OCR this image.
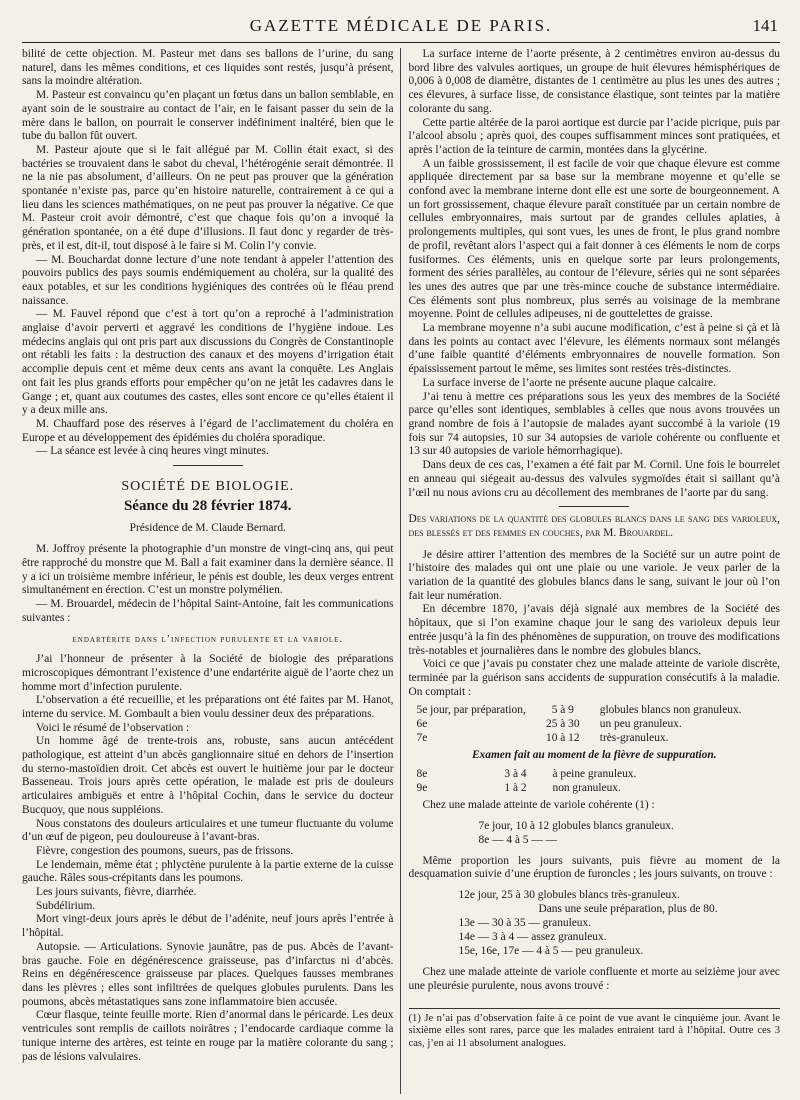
GAZETTE MÉDICALE DE PARIS.	141

bilité de cette objection. M. Pasteur met dans ses ballons de l’urine, du sang naturel, dans les mêmes conditions, et ces liquides sont restés, jusqu’à présent, sans la moindre altération.

M. Pasteur est convaincu qu’en plaçant un fœtus dans un ballon semblable, en ayant soin de le soustraire au contact de l’air, en le faisant passer du sein de la mère dans le ballon, on pourrait le conserver indéfiniment inaltéré, bien que le tube du ballon fût ouvert.

M. Pasteur ajoute que si le fait allégué par M. Collin était exact, si des bactéries se trouvaient dans le sabot du cheval, l’hétérogénie serait démontrée. Il ne la nie pas absolument, d’ailleurs. On ne peut pas prouver que la génération spontanée n’existe pas, parce qu’en histoire naturelle, contrairement à ce qui a lieu dans les sciences mathématiques, on ne peut pas prouver la négative. Ce que M. Pasteur croit avoir démontré, c’est que chaque fois qu’on a invoqué la génération spontanée, on a été dupe d’illusions. Il faut donc y regarder de très-près, et il est, dit-il, tout disposé à le faire si M. Colin l’y convie.

— M. Bouchardat donne lecture d’une note tendant à appeler l’attention des pouvoirs publics des pays soumis endémiquement au choléra, sur la qualité des eaux potables, et sur les conditions hygiéniques des contrées où le fléau prend naissance.

— M. Fauvel répond que c’est à tort qu’on a reproché à l’administration anglaise d’avoir perverti et aggravé les conditions de l’hygiène indoue. Les médecins anglais qui ont pris part aux discussions du Congrès de Constantinople ont rétabli les faits : la destruction des canaux et des moyens d’irrigation était accomplie depuis cent et même deux cents ans avant la conquête. Les Anglais ont fait les plus grands efforts pour empêcher qu’on ne jetât les cadavres dans le Gange ; et, quant aux coutumes des castes, elles sont encore ce qu’elles étaient il y a deux mille ans.

M. Chauffard pose des réserves à l’égard de l’acclimatement du choléra en Europe et au développement des épidémies du choléra sporadique.

— La séance est levée à cinq heures vingt minutes.

SOCIÉTÉ DE BIOLOGIE.
Séance du 28 février 1874.
Présidence de M. Claude Bernard.

M. Joffroy présente la photographie d’un monstre de vingt-cinq ans, qui peut être rapproché du monstre que M. Ball a fait examiner dans la dernière séance. Il y a ici un troisième membre inférieur, le pénis est double, les deux verges entrent simultanément en érection. C’est un monstre polymélien.

— M. Brouardel, médecin de l’hôpital Saint-Antoine, fait les communications suivantes :

endartérite dans l’infection purulente et la variole.

J’ai l’honneur de présenter à la Société de biologie des préparations microscopiques démontrant l’existence d’une endartérite aiguë de l’aorte chez un homme mort d’infection purulente.

L’observation a été recueillie, et les préparations ont été faites par M. Hanot, interne du service. M. Gombault a bien voulu dessiner deux des préparations.

Voici le résumé de l’observation :

Un homme âgé de trente-trois ans, robuste, sans aucun antécédent pathologique, est atteint d’un abcès ganglionnaire situé en dehors de l’insertion du sterno-mastoïdien droit. Cet abcès est ouvert le huitième jour par le docteur Basseneau. Trois jours après cette opération, le malade est pris de douleurs articulaires ambiguës et entre à l’hôpital Cochin, dans le service du docteur Bucquoy, que nous suppléions.

Nous constatons des douleurs articulaires et une tumeur fluctuante du volume d’un œuf de pigeon, peu douloureuse à l’avant-bras.

Fièvre, congestion des poumons, sueurs, pas de frissons.

Le lendemain, même état ; phlyctène purulente à la partie externe de la cuisse gauche. Râles sous-crépitants dans les poumons.

Les jours suivants, fièvre, diarrhée.

Subdélirium.

Mort vingt-deux jours après le début de l’adénite, neuf jours après l’entrée à l’hôpital.

Autopsie. — Articulations. Synovie jaunâtre, pas de pus. Abcès de l’avant-bras gauche. Foie en dégénérescence graisseuse, pas d’infarctus ni d’abcès. Reins en dégénérescence graisseuse par places. Quelques fausses membranes dans les plèvres ; elles sont infiltrées de quelques globules purulents. Dans les poumons, abcès métastatiques sans zone inflammatoire bien accusée.

Cœur flasque, teinte feuille morte. Rien d’anormal dans le péricarde. Les deux ventricules sont remplis de caillots noirâtres ; l’endocarde cardiaque comme la tunique interne des artères, est teinte en rouge par la matière colorante du sang ; pas de lésions valvulaires.

La surface interne de l’aorte présente, à 2 centimètres environ au-dessus du bord libre des valvules aortiques, un groupe de huit élevures hémisphériques de 0,006 à 0,008 de diamètre, distantes de 1 centimètre au plus les unes des autres ; ces élevures, à surface lisse, de consistance élastique, sont teintes par la matière colorante du sang.

Cette partie altérée de la paroi aortique est durcie par l’acide picrique, puis par l’alcool absolu ; après quoi, des coupes suffisamment minces sont pratiquées, et après l’action de la teinture de carmin, montées dans la glycérine.

A un faible grossissement, il est facile de voir que chaque élevure est comme appliquée directement par sa base sur la membrane moyenne et qu’elle se confond avec la membrane interne dont elle est une sorte de bourgeonnement. A un fort grossissement, chaque élevure paraît constituée par un certain nombre de cellules embryonnaires, mais surtout par de grandes cellules aplaties, à prolongements multiples, qui sont vues, les unes de front, le plus grand nombre de profil, revêtant alors l’aspect qui a fait donner à ces éléments le nom de corps fusiformes. Ces éléments, unis en quelque sorte par leurs prolongements, forment des séries parallèles, au contour de l’élevure, séries qui ne sont séparées les unes des autres que par une très-mince couche de substance intermédiaire. Ces éléments sont plus nombreux, plus serrés au voisinage de la membrane moyenne. Point de cellules adipeuses, ni de gouttelettes de graisse.

La membrane moyenne n’a subi aucune modification, c’est à peine si çà et là dans les points au contact avec l’élevure, les éléments normaux sont mélangés d’une faible quantité d’éléments embryonnaires de nouvelle formation. Son épaississement partout le même, ses limites sont restées très-distinctes.

La surface inverse de l’aorte ne présente aucune plaque calcaire.

J’ai tenu à mettre ces préparations sous les yeux des membres de la Société parce qu’elles sont identiques, semblables à celles que nous avons trouvées un grand nombre de fois à l’autopsie de malades ayant succombé à la variole (19 fois sur 74 autopsies, 10 sur 34 autopsies de variole cohérente ou confluente et 13 sur 40 autopsies de variole hémorrhagique).

Dans deux de ces cas, l’examen a été fait par M. Cornil. Une fois le bourrelet en anneau qui siégeait au-dessus des valvules sygmoïdes était si saillant qu’à l’œil nu nous avions cru au décollement des membranes de l’aorte par du sang.

Des variations de la quantité des globules blancs dans le sang des varioleux, des blessés et des femmes en couches, par M. Brouardel.

Je désire attirer l’attention des membres de la Société sur un autre point de l’histoire des malades qui ont une plaie ou une variole. Je veux parler de la variation de la quantité des globules blancs dans le sang, suivant le jour où l’on fait leur numération.

En décembre 1870, j’avais déjà signalé aux membres de la Société des hôpitaux, que si l’on examine chaque jour le sang des varioleux depuis leur entrée jusqu’à la fin des phénomènes de suppuration, on trouve des modifications très-notables et journalières dans le nombre des globules blancs.

Voici ce que j’avais pu constater chez une malade atteinte de variole discrète, terminée par la guérison sans accidents de suppuration consécutifs à la maladie. On comptait :

5e jour, par préparation,	5 à 9	globules blancs non granuleux.
6e	25 à 30	un peu granuleux.
7e	10 à 12	très-granuleux.
Examen fait au moment de la fièvre de suppuration.
8e	3 à 4	à peine granuleux.
9e	1 à 2	non granuleux.

Chez une malade atteinte de variole cohérente (1) :

7e jour, 10 à 12 globules blancs granuleux.
8e — 4 à 5 — —

Même proportion les jours suivants, puis fièvre au moment de la desquamation suivie d’une éruption de furoncles ; les jours suivants, on trouve :

12e jour, 25 à 30 globules blancs très-granuleux.
Dans une seule préparation, plus de 80.
13e — 30 à 35 — granuleux.
14e — 3 à 4 — assez granuleux.
15e, 16e, 17e — 4 à 5 — peu granuleux.

Chez une malade atteinte de variole confluente et morte au seizième jour avec une pleurésie purulente, nous avons trouvé :

(1) Je n’ai pas d’observation faite à ce point de vue avant le cinquième jour. Avant le sixième elles sont rares, parce que les malades entraient tard à l’hôpital. Outre ces 3 cas, j’en ai 11 absolument analogues.
